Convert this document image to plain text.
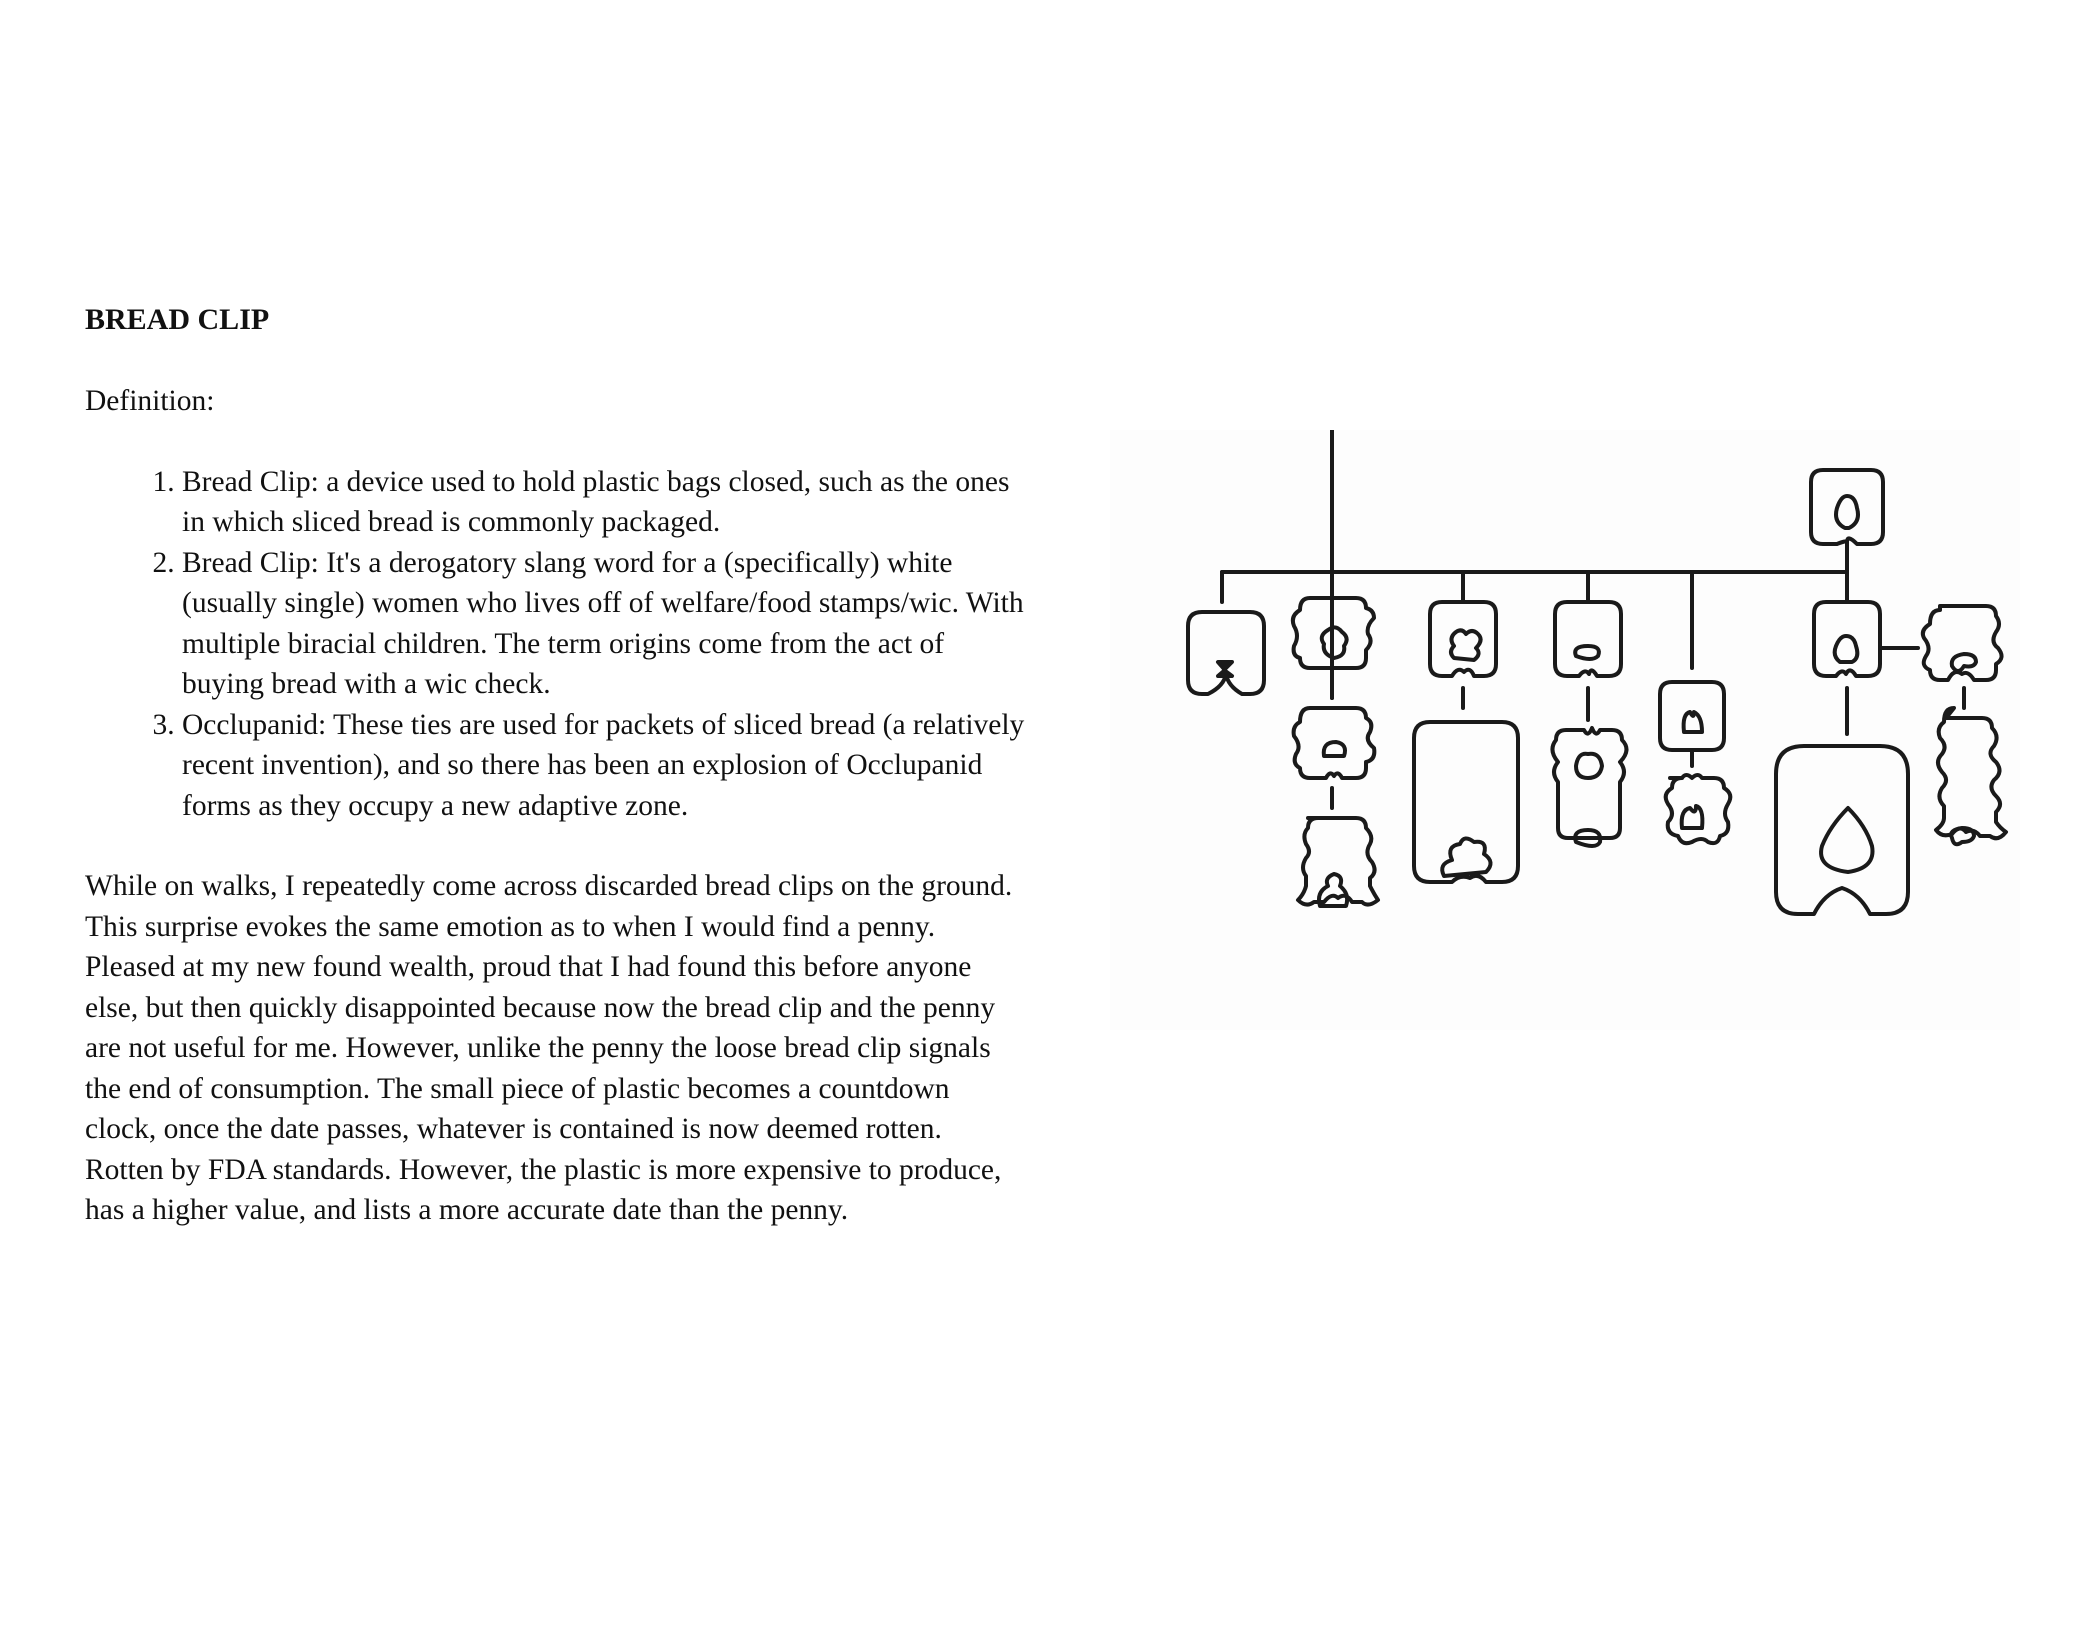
BREAD CLIP
Definition:
1. Bread Clip: a device used to hold plastic bags closed, such as the ones in which sliced bread is commonly packaged.
2. Bread Clip: It's a derogatory slang word for a (specifically) white (usually single) women who lives off of welfare/food stamps/wic. With multiple biracial children. The term origins come from the act of buying bread with a wic check.
3. Occlupanid: These ties are used for packets of sliced bread (a relatively recent invention), and so there has been an explosion of Occlupanid forms as they occupy a new adaptive zone.

While on walks, I repeatedly come across discarded bread clips on the ground. This surprise evokes the same emotion as to when I would find a penny. Pleased at my new found wealth, proud that I had found this before anyone else, but then quickly disappointed because now the bread clip and the penny are not useful for me. However, unlike the penny the loose bread clip signals the end of consumption. The small piece of plastic becomes a countdown clock, once the date passes, whatever is contained is now deemed rotten. Rotten by FDA standards. However, the plastic is more expensive to produce, has a higher value, and lists a more accurate date than the penny.
